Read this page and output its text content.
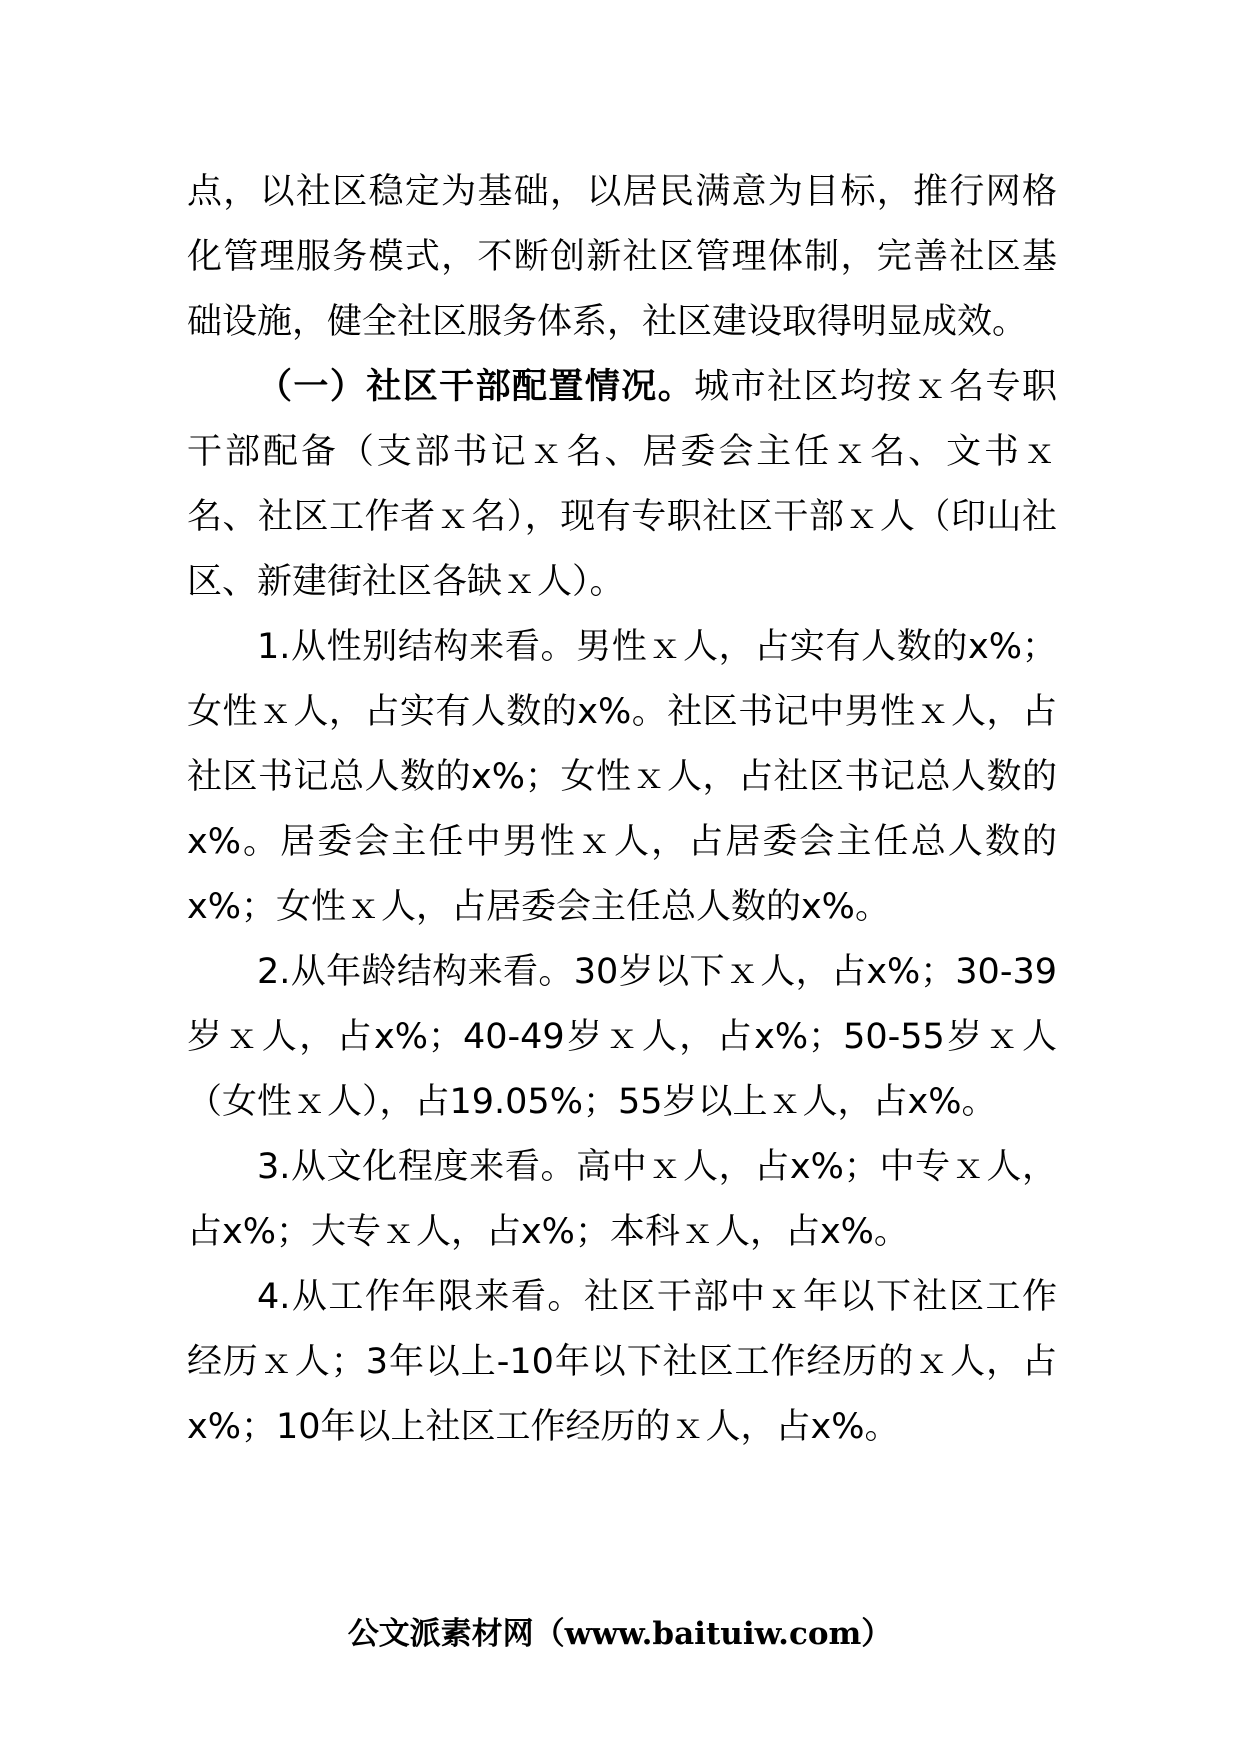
点，以社区稳定为基础，以居民满意为目标，推行网格化管理服务模式，不断创新社区管理体制，完善社区基础设施，健全社区服务体系，社区建设取得明显成效。

（一）社区干部配置情况。城市社区均按ｘ名专职干部配备（支部书记ｘ名、居委会主任ｘ名、文书ｘ名、社区工作者ｘ名），现有专职社区干部ｘ人（印山社区、新建街社区各缺ｘ人）。

1.从性别结构来看。男性ｘ人，占实有人数的x%；女性ｘ人，占实有人数的x%。社区书记中男性ｘ人，占社区书记总人数的x%；女性ｘ人，占社区书记总人数的x%。居委会主任中男性ｘ人，占居委会主任总人数的x%；女性ｘ人，占居委会主任总人数的x%。

2.从年龄结构来看。30岁以下ｘ人，占x%；30-39岁ｘ人，占x%；40-49岁ｘ人，占x%；50-55岁ｘ人（女性ｘ人），占19.05%；55岁以上ｘ人，占x%。

3.从文化程度来看。高中ｘ人，占x%；中专ｘ人，占x%；大专ｘ人，占x%；本科ｘ人，占x%。

4.从工作年限来看。社区干部中ｘ年以下社区工作经历ｘ人；3年以上-10年以下社区工作经历的ｘ人，占x%；10年以上社区工作经历的ｘ人，占x%。

公文派素材网（www.baituiw.com）
